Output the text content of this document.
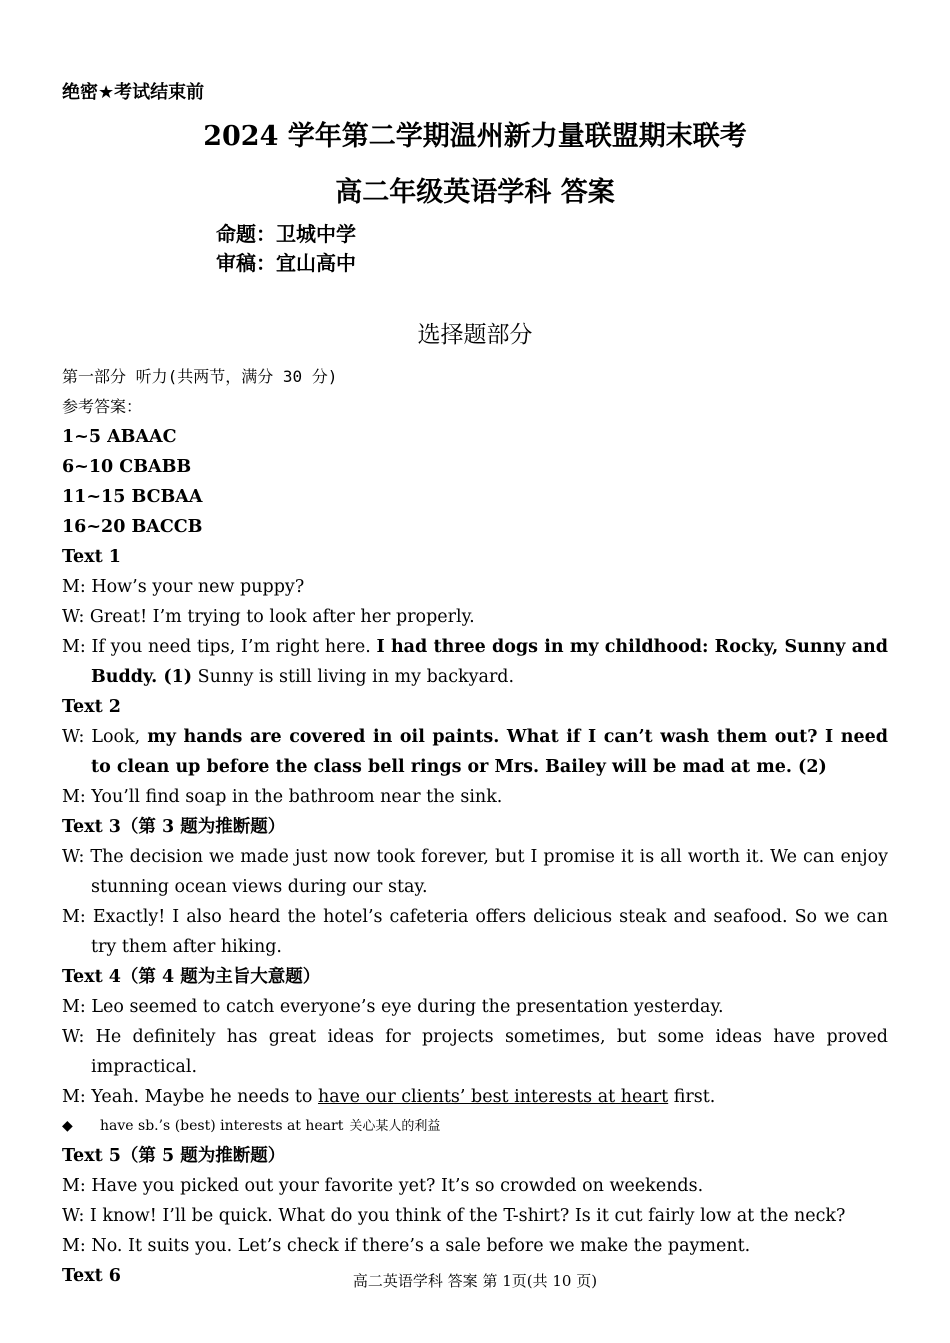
绝密★考试结束前
2024 学年第二学期温州新力量联盟期末联考
高二年级英语学科 答案
命题：卫城中学
审稿：宜山高中
选择题部分

第一部分 听力(共两节，满分 30 分)

参考答案：

1~5 ABAAC

6~10 CBABB

11~15 BCBAA

16~20 BACCB

Text 1

M: How’s your new puppy?

W: Great! I’m trying to look after her properly.

M: If you need tips, I’m right here. I had three dogs in my childhood: Rocky, Sunny and Buddy. (1) Sunny is still living in my backyard.

Text 2

W: Look, my hands are covered in oil paints. What if I can’t wash them out? I need to clean up before the class bell rings or Mrs. Bailey will be mad at me. (2)

M: You’ll find soap in the bathroom near the sink.

Text 3（第 3 题为推断题）

W: The decision we made just now took forever, but I promise it is all worth it. We can enjoy stunning ocean views during our stay.

M: Exactly! I also heard the hotel’s cafeteria offers delicious steak and seafood. So we can try them after hiking.

Text 4（第 4 题为主旨大意题）

M: Leo seemed to catch everyone’s eye during the presentation yesterday.

W: He definitely has great ideas for projects sometimes, but some ideas have proved impractical.

M: Yeah. Maybe he needs to have our clients’ best interests at heart first.

◆ have sb.’s (best) interests at heart 关心某人的利益

Text 5（第 5 题为推断题）

M: Have you picked out your favorite yet? It’s so crowded on weekends.

W: I know! I’ll be quick. What do you think of the T-shirt? Is it cut fairly low at the neck?

M: No. It suits you. Let’s check if there’s a sale before we make the payment.

Text 6	高二英语学科 答案 第 1页(共 10 页)
